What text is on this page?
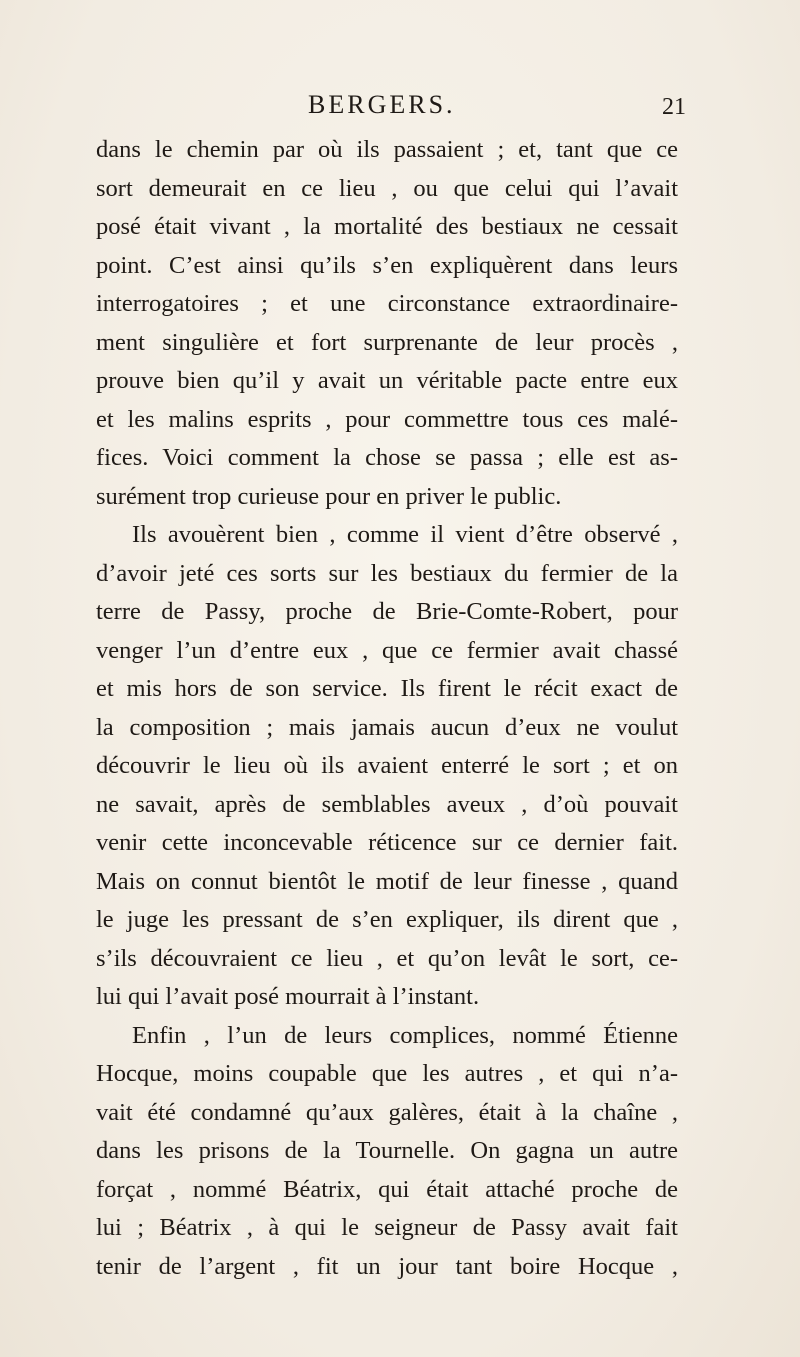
BERGERS.	21
dans le chemin par où ils passaient ; et, tant que ce
sort demeurait en ce lieu , ou que celui qui l’avait
posé était vivant , la mortalité des bestiaux ne cessait
point. C’est ainsi qu’ils s’en expliquèrent dans leurs
interrogatoires ; et une circonstance extraordinaire-
ment singulière et fort surprenante de leur procès ,
prouve bien qu’il y avait un véritable pacte entre eux
et les malins esprits , pour commettre tous ces malé-
fices. Voici comment la chose se passa ; elle est as-
surément trop curieuse pour en priver le public.
Ils avouèrent bien , comme il vient d’être observé ,
d’avoir jeté ces sorts sur les bestiaux du fermier de la
terre de Passy, proche de Brie-Comte-Robert, pour
venger l’un d’entre eux , que ce fermier avait chassé
et mis hors de son service. Ils firent le récit exact de
la composition ; mais jamais aucun d’eux ne voulut
découvrir le lieu où ils avaient enterré le sort ; et on
ne savait, après de semblables aveux , d’où pouvait
venir cette inconcevable réticence sur ce dernier fait.
Mais on connut bientôt le motif de leur finesse , quand
le juge les pressant de s’en expliquer, ils dirent que ,
s’ils découvraient ce lieu , et qu’on levât le sort, ce-
lui qui l’avait posé mourrait à l’instant.
Enfin , l’un de leurs complices, nommé Étienne
Hocque, moins coupable que les autres , et qui n’a-
vait été condamné qu’aux galères, était à la chaîne ,
dans les prisons de la Tournelle. On gagna un autre
forçat , nommé Béatrix, qui était attaché proche de
lui ; Béatrix , à qui le seigneur de Passy avait fait
tenir de l’argent , fit un jour tant boire Hocque ,
